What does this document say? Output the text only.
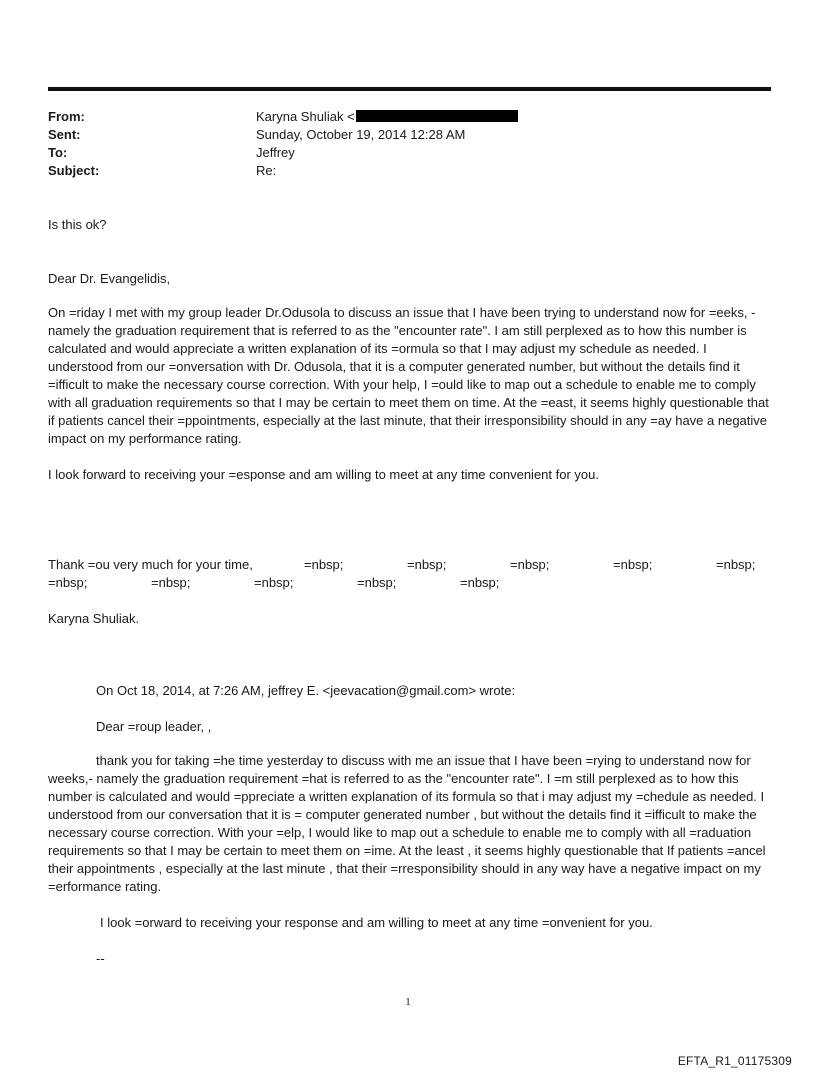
From:	Karyna Shuliak <
Sent:	Sunday, October 19, 2014 12:28 AM
To:	Jeffrey
Subject:	Re:

Is this ok?

Dear Dr. Evangelidis,

On =riday I met with my group leader Dr.Odusola to discuss an issue that I have been trying to understand now for =eeks, - namely the graduation requirement that is referred to as the "encounter rate". I am still perplexed as to how this number is calculated and would appreciate a written explanation of its =ormula so that I may adjust my schedule as needed. I understood from our =onversation with Dr. Odusola, that it is a computer generated number, but without the details find it =ifficult to make the necessary course correction. With your help, I =ould like to map out a schedule to enable me to comply with all graduation requirements so that I may be certain to meet them on time. At the =east, it seems highly questionable that if patients cancel their =ppointments, especially at the last minute, that their irresponsibility should in any =ay have a negative impact on my performance rating.

I look forward to receiving your =esponse and am willing to meet at any time convenient for you.

Thank =ou very much for your time,	=nbsp;	=nbsp;	=nbsp;	=nbsp;	=nbsp;
=nbsp;	=nbsp;	=nbsp;	=nbsp;	=nbsp;

Karyna Shuliak.

On Oct 18, 2014, at 7:26 AM, jeffrey E. <jeevacation@gmail.com> wrote:

Dear =roup leader, ,

thank you for taking =he time yesterday to discuss with me an issue that I have been =rying to understand now for weeks,- namely the graduation requirement =hat is referred to as the "encounter rate". I =m still perplexed as to how this number is calculated and would =ppreciate a written explanation of its formula so that i may adjust my =chedule as needed. I understood from our conversation that it is = computer generated number , but without the details find it =ifficult to make the necessary course correction. With your =elp, I would like to map out a schedule to enable me to comply with all =raduation requirements so that I may be certain to meet them on =ime. At the least , it seems highly questionable that If patients =ancel their appointments , especially at the last minute , that their =rresponsibility should in any way have a negative impact on my =erformance rating.

I look =orward to receiving your response and am willing to meet at any time =onvenient for you.

--

1
EFTA_R1_01175309
